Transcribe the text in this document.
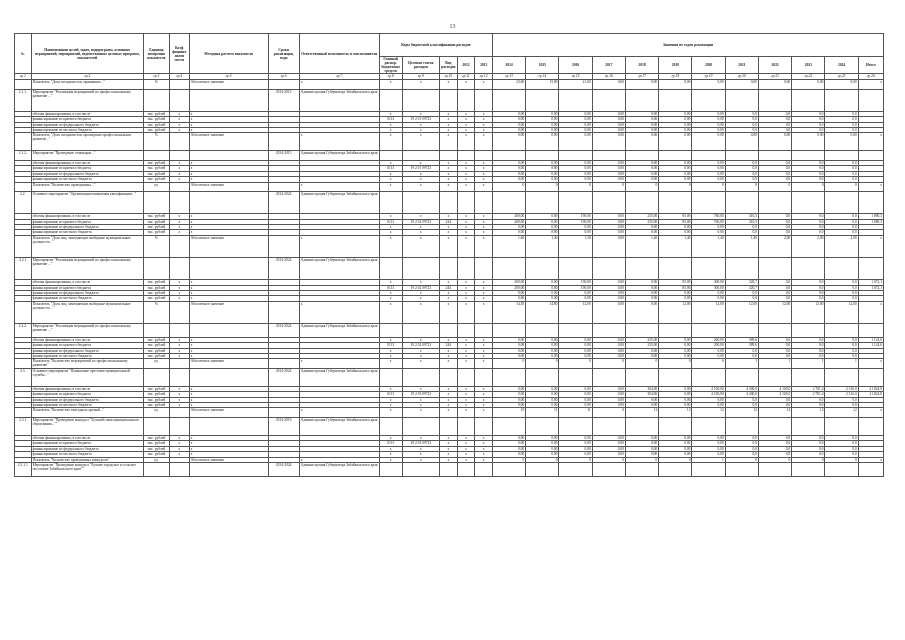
13
№	Наименование целей, задач, подпрограмм, основных мероприятий, мероприятий, ведомственных целевых программ, показателей	Единица измерения показателя	Коэф фициент значи мости	Методика расчета показателя	Сроки реализации, годы	Ответственный исполнитель и соисполнители	Коды бюджетной классификации расходов					Значения по годам реализации											
							Главный распор. бюджетных средств	Целевая статья расходов	Вид расходов	2012	2013	2014	2015	2016	2017	2018	2019	2020	2021	2022	2023	2024	Итого
гр.1	гр.2	гр.3	гр.4	гр.5	гр.6	гр.7	гр.8	гр.9	гр.10	гр.11	гр.12	гр.13	гр.14	гр.15	гр.16	гр.17	гр.18	гр.19	гр.20	гр.21	гр.22	гр.23	гр.24
	Показатель "Доля специалистов, принявших..."	%		Абсолютное значение		х	х	х	х	х	х	23,00	15,00	21,00	0,00	0,00	0,00	0,00	0,00	0,00	0,00	0,00	х
2.1.1.	Мероприятие "Реализация мероприятий по профессиональному развитию ..."				2014-2015	Администрация Губернатора Забайкальского края																	
	объемы финансирования, в том числе	тыс. рублей	х	х			х	х	х	х	х	0,00	0,00	0,00	0,00	0,00	0,00	0,00	0,0	0,0	0,0	0,0	
	финансирование из краевого бюджета	тыс. рублей	х	х			0113	19 2 01 09723	х	х	х	0,00	0,00	0,00	0,00	0,00	0,00	0,00	0,0	0,0	0,0	0,0	
	финансирование из федерального бюджета	тыс. рублей	х	х			х	х	х	х	х	0,00	0,00	0,00	0,00	0,00	0,00	0,00	0,0	0,0	0,0	0,0	
	финансирование из местного бюджета	тыс. рублей	х	х			х	х	х	х	х	0,00	0,00	0,00	0,00	0,00	0,00	0,00	0,0	0,0	0,0	0,0	
	Показатель "Доля специалистов, прошедших профессиональное развитие..."	%		Абсолютное значение		х	х	х	х	х	х	0,00	0,00	0,00	0,00	0,00	0,00	0,00	0,00	0,00	0,00	0,00	х
2.1.2.	Мероприятие "Проведение семинаров..."				2014-2015	Администрация Губернатора Забайкальского края																	
	объемы финансирования, в том числе	тыс. рублей	х	х			х	х	х	х	х	0,00	0,00	0,00	0,00	0,00	0,00	0,00	0,0	0,0	0,0	0,0	
	финансирование из краевого бюджета	тыс. рублей	х	х			0113	19 2 01 09723	х	х	х	0,00	0,00	0,00	0,00	0,00	0,00	0,00	0,0	0,0	0,0	0,0	
	финансирование из федерального бюджета	тыс. рублей	х	х			х	х	х	х	х	0,00	0,00	0,00	0,00	0,00	0,00	0,00	0,0	0,0	0,0	0,0	
	финансирование из местного бюджета	тыс. рублей	х	х			х	х	х	х	х	0,00	0,00	0,00	0,00	0,00	0,00	0,00	0,0	0,0	0,0	0,0	
	Показатель "Количество проведенных..."	ед.		Абсолютное значение		х	х	х	х	х	х	0	0	0	0	0	0	0	0	0	0	0	х
2.2.	Основное мероприятие "Организация повышения квалификации..."				2014-2024	Администрация Губернатора Забайкальского края																	
	объемы финансирования, в том числе	тыс. рублей	х	х			х	х	х	х	х	200,00	0,00	190,00	0,00	235,00	85,00	760,00	410,3	0,0	0,0	0,0	1 880,3
	финансирование из краевого бюджета	тыс. рублей	х	х			0113	19 2 02 09723	244	х	х	200,00	0,00	190,00	0,00	235,00	85,00	760,00	410,3	0,0	0,0	0,0	1 880,3
	финансирование из федерального бюджета	тыс. рублей	х	х			х	х	х	х	х	0,00	0,00	0,00	0,00	0,00	0,00	0,00	0,0	0,0	0,0	0,0	
	финансирование из местного бюджета	тыс. рублей	х	х			х	х	х	х	х	0,00	0,00	0,00	0,00	0,00	0,00	0,00	0,0	0,0	0,0	0,0	
	Показатель "Доля лиц, замещающих выборные муниципальные должности..."	%		Абсолютное значение		х	х	х	х	х	х	1,60	1,40	1,30	0,00	1,40	1,40	1,40	1,40	2,00	2,00	2,00	х
2.2.1	Мероприятие "Реализация мероприятий по профессиональному развитию ..."				2014-2024	Администрация Губернатора Забайкальского края																	
	объемы финансирования, в том числе	тыс. рублей	х	х			х	х	х	х	х	200,00	0,00	190,00	0,00	0,00	85,00	300,00	320,7	0,0	0,0	0,0	1 072,1
	финансирование из краевого бюджета	тыс. рублей	х	х			0113	19 2 02 09723	244	х	х	200,00	0,00	190,00	0,00	0,00	85,00	300,00	320,7	0,0	0,0	0,0	1 072,1
	финансирование из федерального бюджета	тыс. рублей	х	х			х	х	х	х	х	0,00	0,00	0,00	0,00	0,00	0,00	0,00	0,0	0,0	0,0	0,0	
	финансирование из местного бюджета	тыс. рублей	х	х			х	х	х	х	х	0,00	0,00	0,00	0,00	0,00	0,00	0,00	0,0	0,0	0,0	0,0	
	Показатель "Доля лиц, замещающих выборные муниципальные должности ..."	%		Абсолютное значение		х	х	х	х	х	х	14,50	14,80	12,00	0,00	0,00	12,00	12,00	12,00	12,00	12,00	12,00	х
2.2.2.	Мероприятие "Реализация мероприятий по профессиональному развитию ..."				2014-2024	Администрация Губернатора Забайкальского края																	
	объемы финансирования, в том числе	тыс. рублей	х	х			х	х	х	х	х	0,00	0,00	0,00	0,00	235,00	0,00	200,00	389,6	0,0	0,0	0,0	1 124,6
	финансирование из краевого бюджета	тыс. рублей	х	х			0113	19 2 02 09723	244	х	х	0,00	0,00	0,00	0,00	235,00	0,00	200,00	389,6	0,0	0,0	0,0	1 124,6
	финансирование из федерального бюджета	тыс. рублей	х	х			х	х	х	х	х	0,00	0,00	0,00	0,00	0,00	0,00	0,00	0,0	0,0	0,0	0,0	
	финансирование из местного бюджета	тыс. рублей	х	х			х	х	х	х	х	0,00	0,00	0,00	0,00	0,00	0,00	0,00	0,0	0,0	0,0	0,0	
	Показатель "Количество мероприятий по профессиональному развитию"	ед.		Абсолютное значение		х	х	х	х	х	х	0	0	0	0	0	0	6	1	1	1	1	х
2.3.	Основное мероприятие "Повышение престижа муниципальной службы..."				2014-2024	Администрация Губернатора Забайкальского края																	
	объемы финансирования, в том числе	тыс. рублей	х	х			х	х	х	х	х	0,00	0,00	0,00	0,00	304,00	0,00	4 100,00	4 400,0	4 100,0	2 781,4	2 316,0	21 824,8
	финансирование из краевого бюджета	тыс. рублей	х	х			0113	19 2 03 09723	х	х	х	0,00	0,00	0,00	0,00	304,00	0,00	4 100,00	4 400,0	4 100,0	2 781,4	2 316,0	21 824,8
	финансирование из федерального бюджета	тыс. рублей	х	х			х	х	х	х	х	0,00	0,00	0,00	0,00	0,00	0,00	0,00	0,0	0,0	0,0	0,0	
	финансирование из местного бюджета	тыс. рублей	х	х			х	х	х	х	х	0,00	0,00	0,00	0,00	0,00	0,00	0,00	0,0	0,0	0,0	0,0	
	Показатель "Количество ежегодных премий..."	ед.		Абсолютное значение		х	х	х	х	х	х	10	11	11	0	12	12	12	12	12	12	12	х
2.3.1	Мероприятие "Проведение конкурса "Лучший глава муниципального образования...""				2014-2019	Администрация Губернатора Забайкальского края																	
	объемы финансирования, в том числе	тыс. рублей	х	х			х	х	х	х	х	0,00	0,00	0,00	0,00	0,00	0,00	0,00	0,0	0,0	0,0	0,0	
	финансирование из краевого бюджета	тыс. рублей	х	х			0113	19 2 03 09723	х	х	х	0,00	0,00	0,00	0,00	0,00	0,00	0,00	0,0	0,0	0,0	0,0	
	финансирование из федерального бюджета	тыс. рублей	х	х			х	х	х	х	х	0,00	0,00	0,00	0,00	0,00	0,00	0,00	0,0	0,0	0,0	0,0	
	финансирование из местного бюджета	тыс. рублей	х	х			х	х	х	х	х	0,00	0,00	0,00	0,00	0,00	0,00	0,00	0,0	0,0	0,0	0,0	
	Показатель "Количество проведенных конкурсов"	ед.		Абсолютное значение		х	х	х	х	х	х	0	0	0	0	0	0	1	0	0	0	0	х
2.3.1.1	Мероприятие "Проведение конкурса "Лучшее городское и сельское поселение Забайкальского края""				2014-2024	Администрация Губернатора Забайкальского края																	
